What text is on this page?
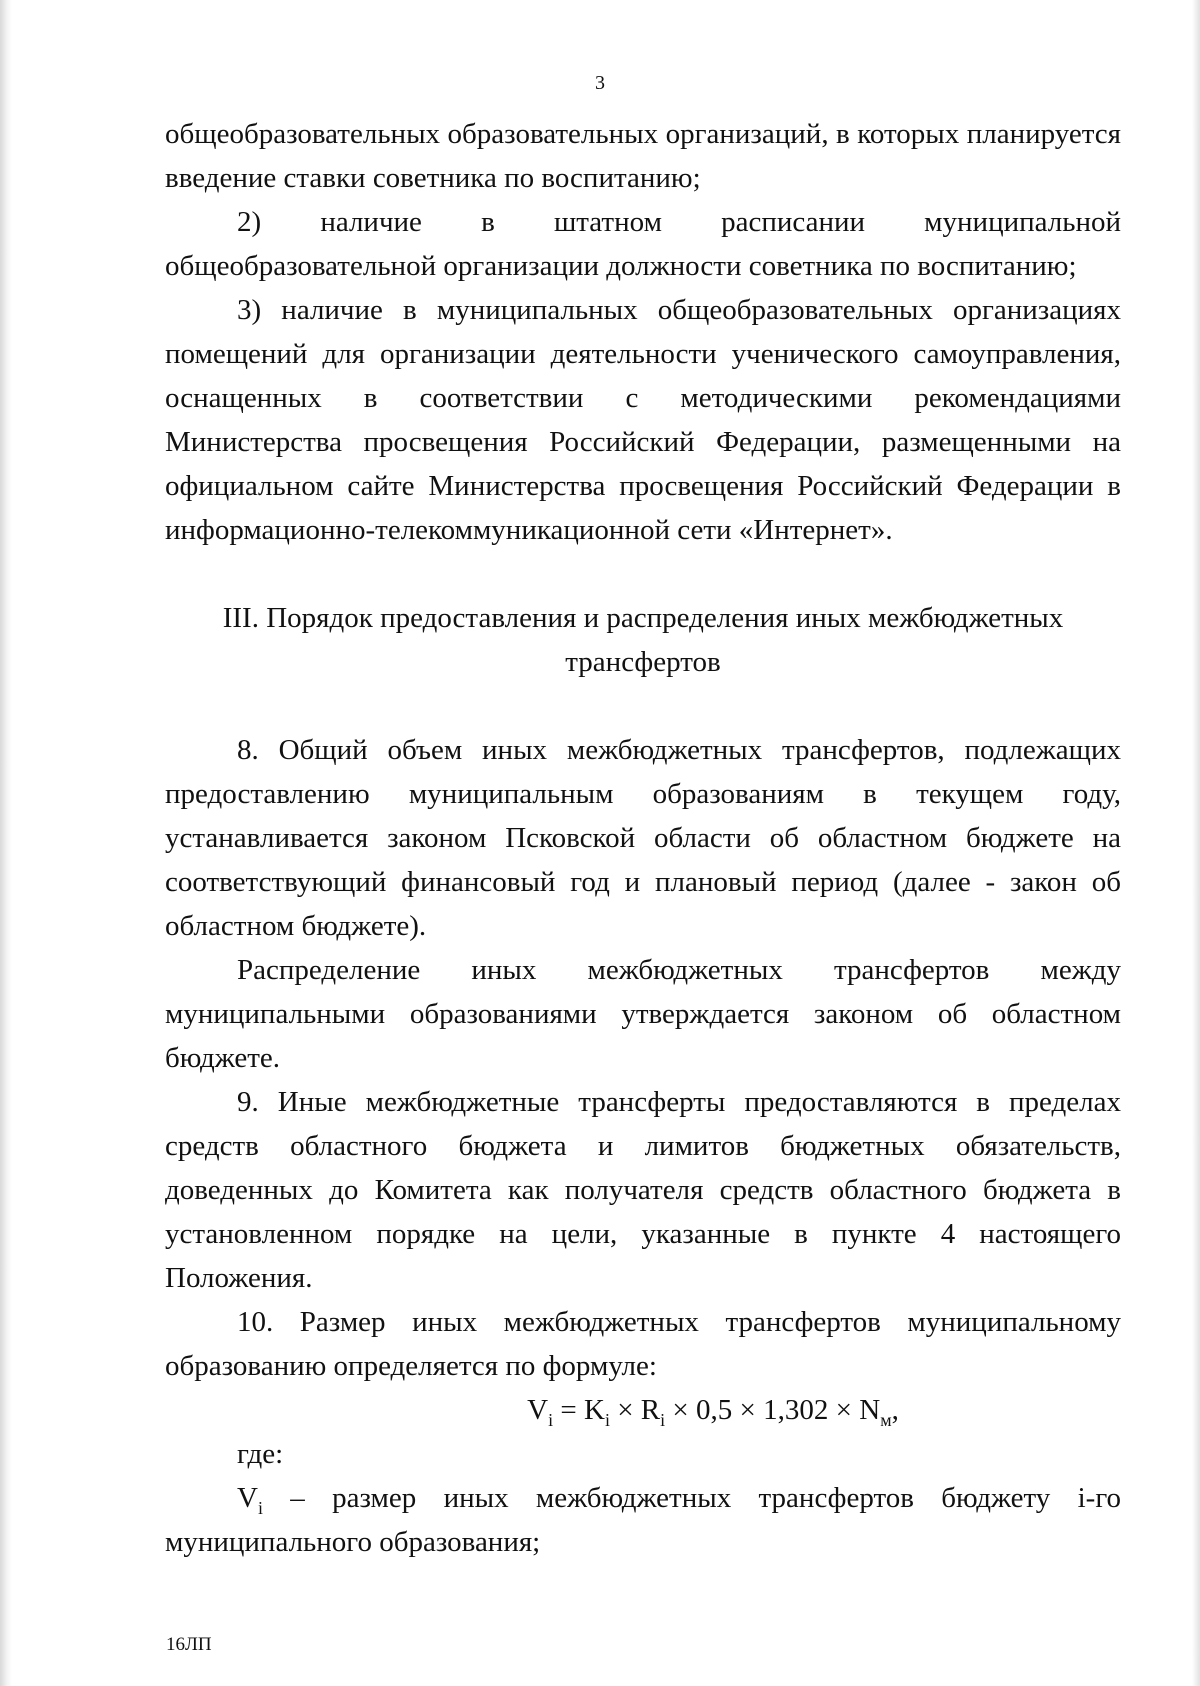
3

общеобразовательных образовательных организаций, в которых планируется введение ставки советника по воспитанию;

2) наличие в штатном расписании муниципальной общеобразовательной организации должности советника по воспитанию;

3) наличие в муниципальных общеобразовательных организациях помещений для организации деятельности ученического самоуправления, оснащенных в соответствии с методическими рекомендациями Министерства просвещения Российский Федерации, размещенными на официальном сайте Министерства просвещения Российский Федерации в информационно-телекоммуникационной сети «Интернет».

III. Порядок предоставления и распределения иных межбюджетных трансфертов

8. Общий объем иных межбюджетных трансфертов, подлежащих предоставлению муниципальным образованиям в текущем году, устанавливается законом Псковской области об областном бюджете на соответствующий финансовый год и плановый период (далее - закон об областном бюджете).

Распределение иных межбюджетных трансфертов между муниципальными образованиями утверждается законом об областном бюджете.

9. Иные межбюджетные трансферты предоставляются в пределах средств областного бюджета и лимитов бюджетных обязательств, доведенных до Комитета как получателя средств областного бюджета в установленном порядке на цели, указанные в пункте 4 настоящего Положения.

10. Размер иных межбюджетных трансфертов муниципальному образованию определяется по формуле:

$V_i = K_i \times R_i \times 0,5 \times 1,302 \times N_м$,

где:

$V_i$ – размер иных межбюджетных трансфертов бюджету i-го муниципального образования;

16ЛП
